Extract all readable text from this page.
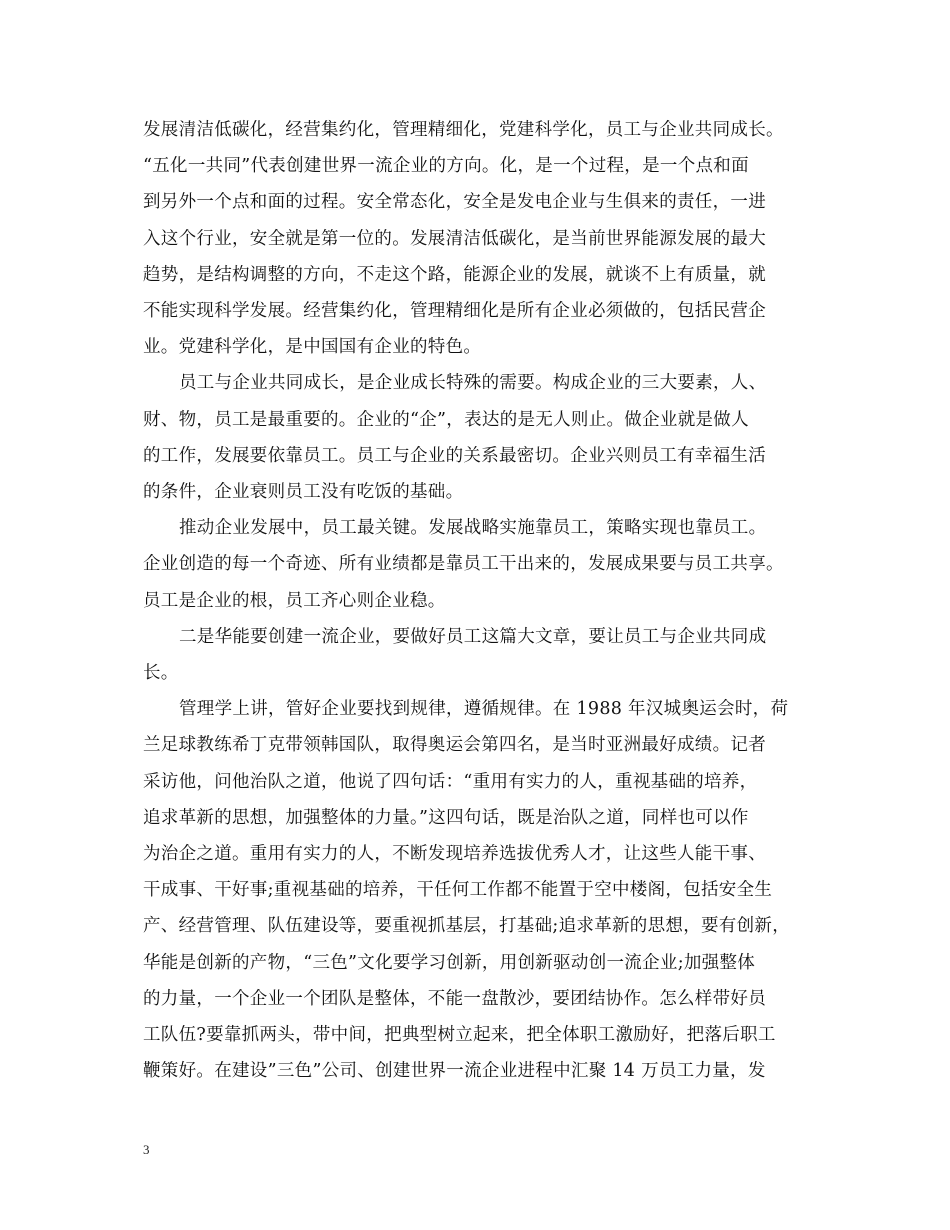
发展清洁低碳化，经营集约化，管理精细化，党建科学化，员工与企业共同成长。
“五化一共同”代表创建世界一流企业的方向。化，是一个过程，是一个点和面
到另外一个点和面的过程。安全常态化，安全是发电企业与生俱来的责任，一进
入这个行业，安全就是第一位的。发展清洁低碳化，是当前世界能源发展的最大
趋势，是结构调整的方向，不走这个路，能源企业的发展，就谈不上有质量，就
不能实现科学发展。经营集约化，管理精细化是所有企业必须做的，包括民营企
业。党建科学化，是中国国有企业的特色。
员工与企业共同成长，是企业成长特殊的需要。构成企业的三大要素，人、
财、物，员工是最重要的。企业的“企”，表达的是无人则止。做企业就是做人
的工作，发展要依靠员工。员工与企业的关系最密切。企业兴则员工有幸福生活
的条件，企业衰则员工没有吃饭的基础。
推动企业发展中，员工最关键。发展战略实施靠员工，策略实现也靠员工。
企业创造的每一个奇迹、所有业绩都是靠员工干出来的，发展成果要与员工共享。
员工是企业的根，员工齐心则企业稳。
二是华能要创建一流企业，要做好员工这篇大文章，要让员工与企业共同成
长。
管理学上讲，管好企业要找到规律，遵循规律。在 1988 年汉城奥运会时，荷
兰足球教练希丁克带领韩国队，取得奥运会第四名，是当时亚洲最好成绩。记者
采访他，问他治队之道，他说了四句话：“重用有实力的人，重视基础的培养，
追求革新的思想，加强整体的力量。”这四句话，既是治队之道，同样也可以作
为治企之道。重用有实力的人，不断发现培养选拔优秀人才，让这些人能干事、
干成事、干好事;重视基础的培养，干任何工作都不能置于空中楼阁，包括安全生
产、经营管理、队伍建设等，要重视抓基层，打基础;追求革新的思想，要有创新，
华能是创新的产物，“三色”文化要学习创新，用创新驱动创一流企业;加强整体
的力量，一个企业一个团队是整体，不能一盘散沙，要团结协作。怎么样带好员
工队伍?要靠抓两头，带中间，把典型树立起来，把全体职工激励好，把落后职工
鞭策好。在建设”三色”公司、创建世界一流企业进程中汇聚 14 万员工力量，发
3
